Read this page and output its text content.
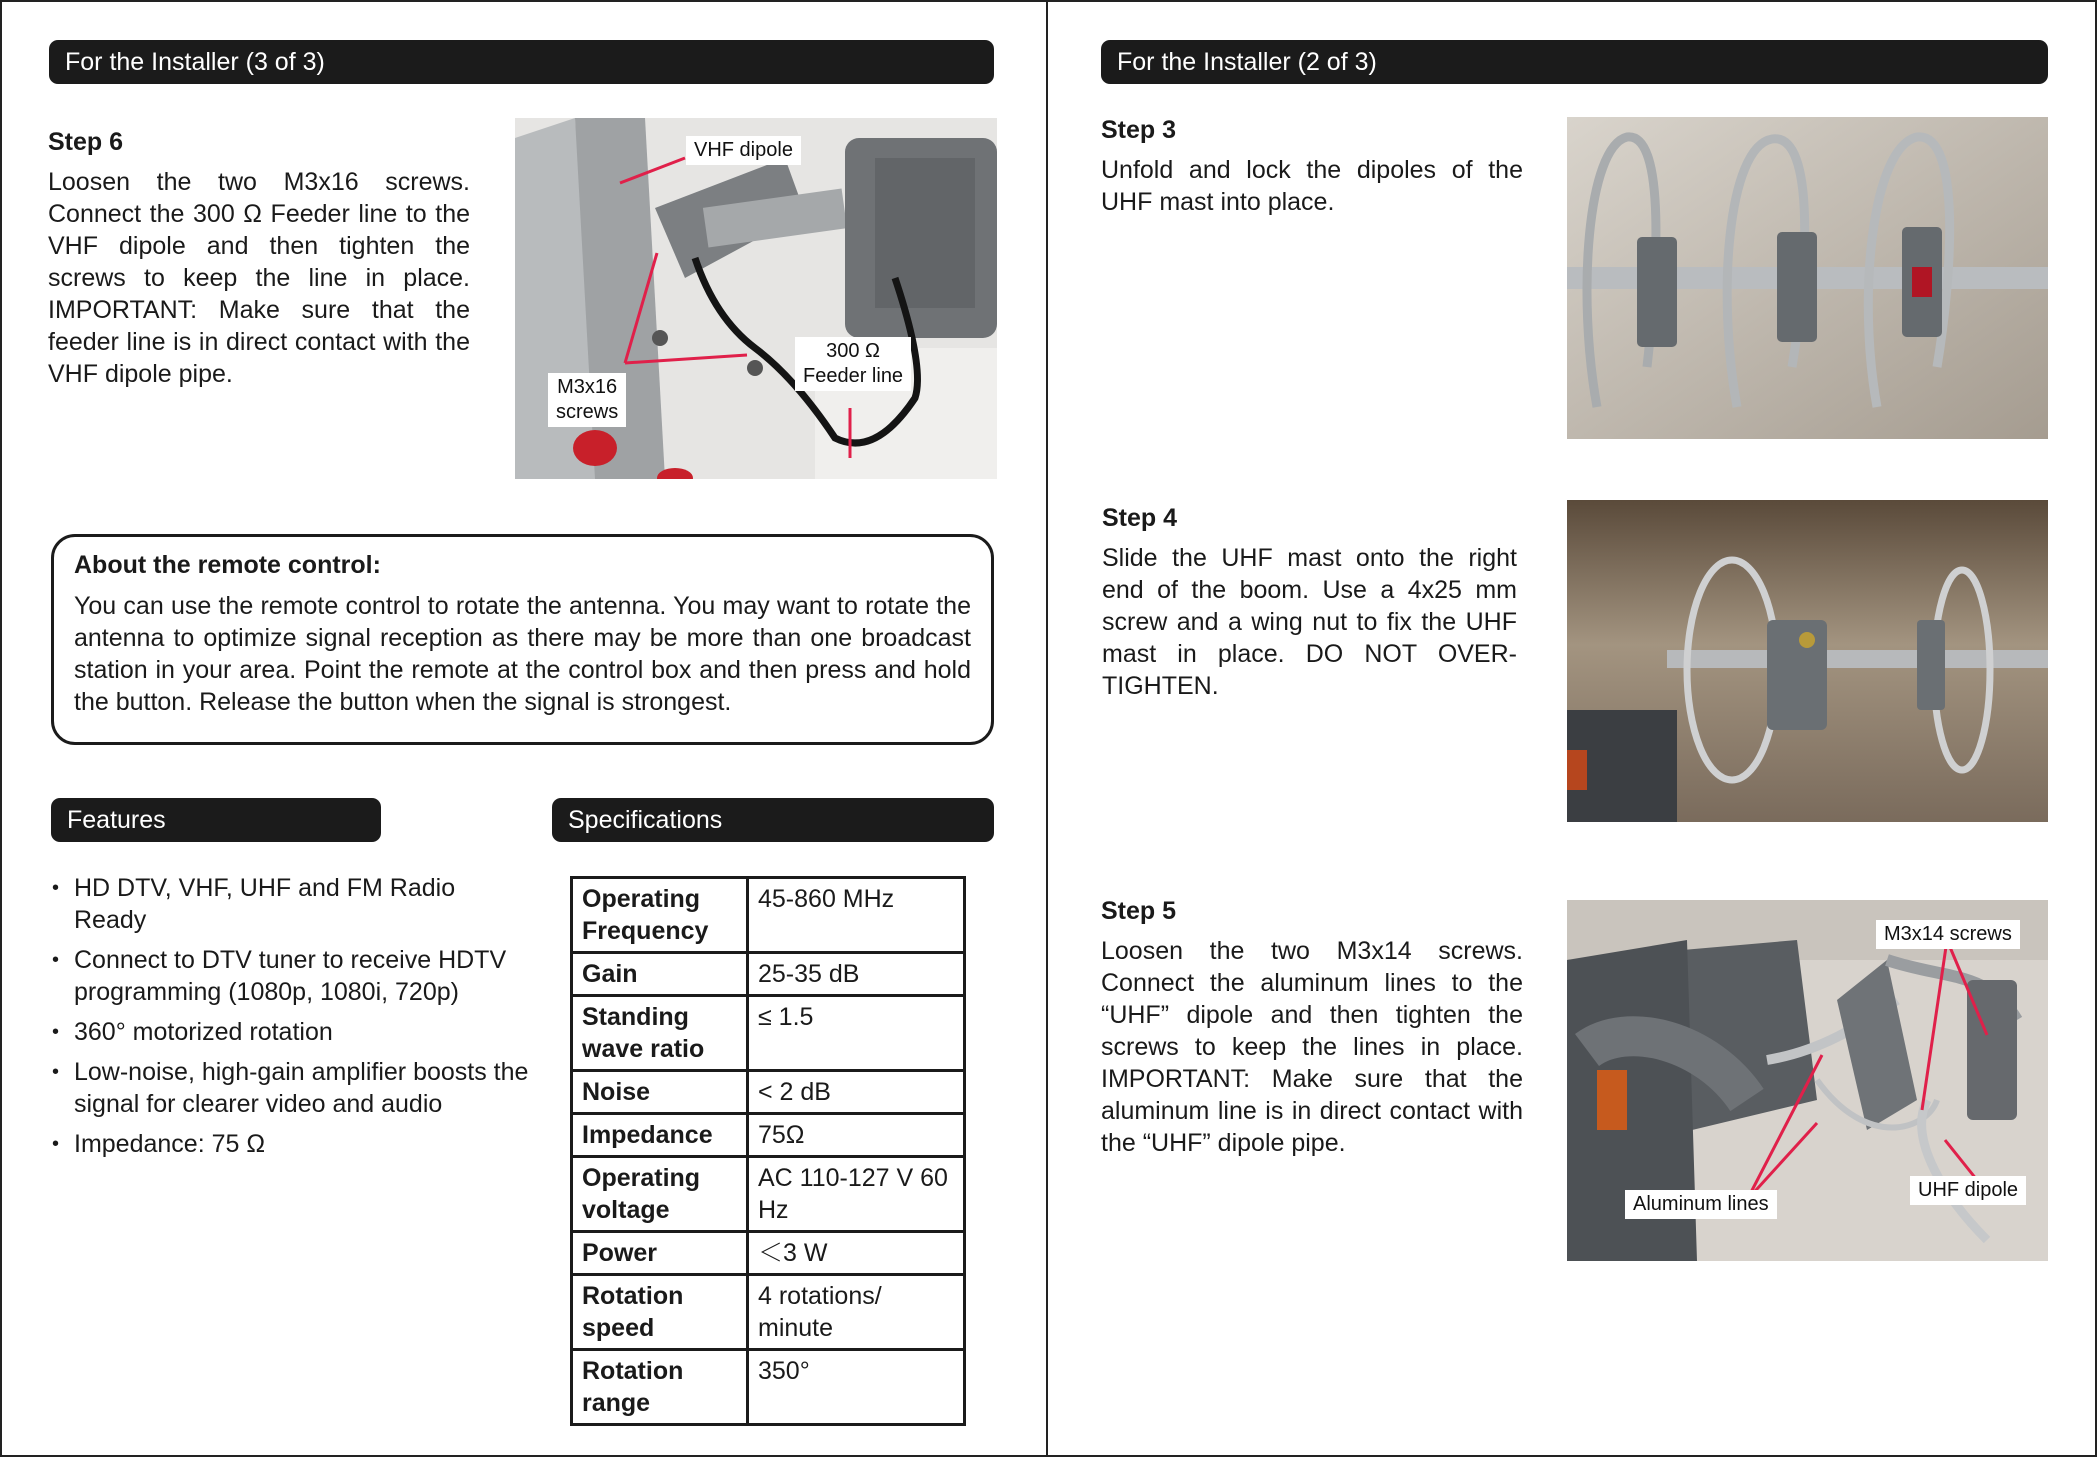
For the Installer (3 of 3)
Step 6
Loosen the two M3x16 screws. Connect the 300 Ω Feeder line to the VHF dipole and then tighten the screws to keep the line in place. IMPORTANT: Make sure that the feeder line is in direct contact with the VHF dipole pipe.
VHF dipole
300 Ω
Feeder line
M3x16
screws
About the remote control:
You can use the remote control to rotate the antenna. You may want to rotate the antenna to optimize signal reception as there may be more than one broadcast station in your area. Point the remote at the control box and then press and hold the button. Release the button when the signal is strongest.
Features	Specifications
• HD DTV, VHF, UHF and FM Radio Ready
• Connect to DTV tuner to receive HDTV programming (1080p, 1080i, 720p)
• 360° motorized rotation
• Low-noise, high-gain amplifier boosts the signal for clearer video and audio
• Impedance: 75 Ω
Operating Frequency	45-860 MHz
Gain	25-35 dB
Standing wave ratio	≤ 1.5
Noise	< 2 dB
Impedance	75Ω
Operating voltage	AC 110-127 V 60 Hz
Power	＜3 W
Rotation speed	4 rotations/ minute
Rotation range	350°
For the Installer (2 of 3)
Step 3
Unfold and lock the dipoles of the UHF mast into place.
Step 4
Slide the UHF mast onto the right end of the boom. Use a 4x25 mm screw and a wing nut to fix the UHF mast in place. DO NOT OVER-TIGHTEN.
Step 5
Loosen the two M3x14 screws. Connect the aluminum lines to the “UHF” dipole and then tighten the screws to keep the lines in place. IMPORTANT: Make sure that the aluminum line is in direct contact with the “UHF” dipole pipe.
M3x14 screws
Aluminum lines
UHF dipole
